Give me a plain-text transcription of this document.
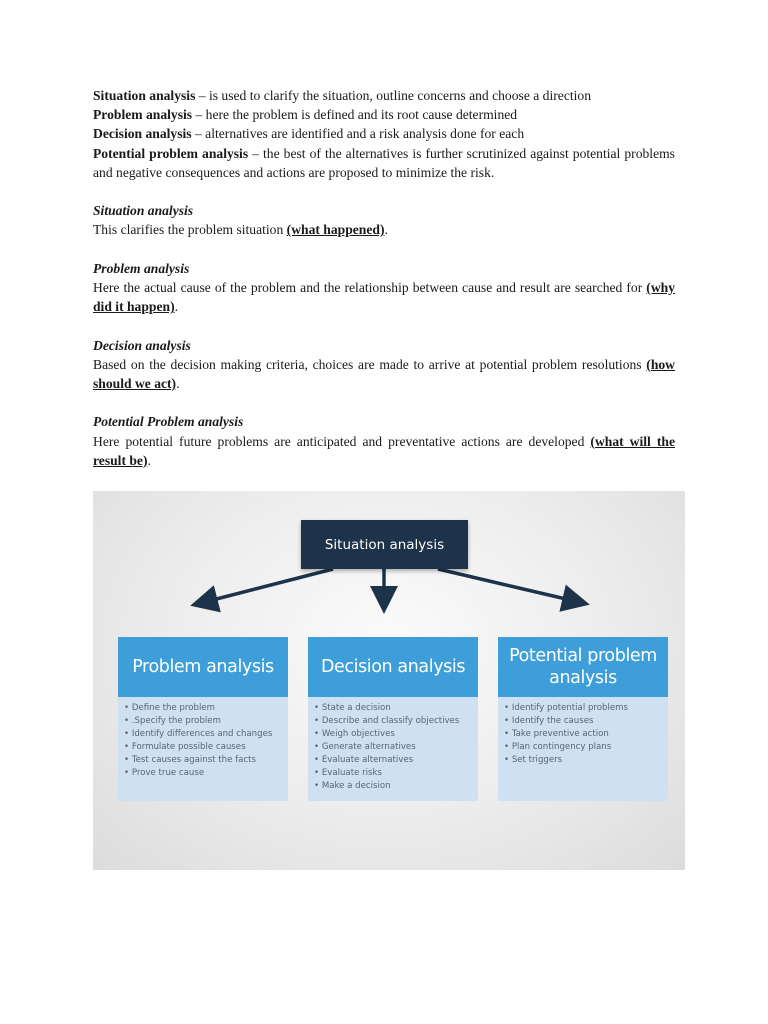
Situation analysis – is used to clarify the situation, outline concerns and choose a direction

Problem analysis – here the problem is defined and its root cause determined

Decision analysis – alternatives are identified and a risk analysis done for each

Potential problem analysis – the best of the alternatives is further scrutinized against potential problems and negative consequences and actions are proposed to minimize the risk.

Situation analysis

This clarifies the problem situation (what happened).

Problem analysis

Here the actual cause of the problem and the relationship between cause and result are searched for (why did it happen).

Decision analysis

Based on the decision making criteria, choices are made to arrive at potential problem resolutions (how should we act).

Potential Problem analysis

Here potential future problems are anticipated and preventative actions are developed (what will the result be).

Situation analysis
Problem analysis
• Define the problem
• .Specify the problem
• Identify differences and changes
• Formulate possible causes
• Test causes against the facts
• Prove true cause
Decision analysis
• State a decision
• Describe and classify objectives
• Weigh objectives
• Generate alternatives
• Evaluate alternatives
• Evaluate risks
• Make a decision
Potential problem analysis
• Identify potential problems
• Identify the causes
• Take preventive action
• Plan contingency plans
• Set triggers
